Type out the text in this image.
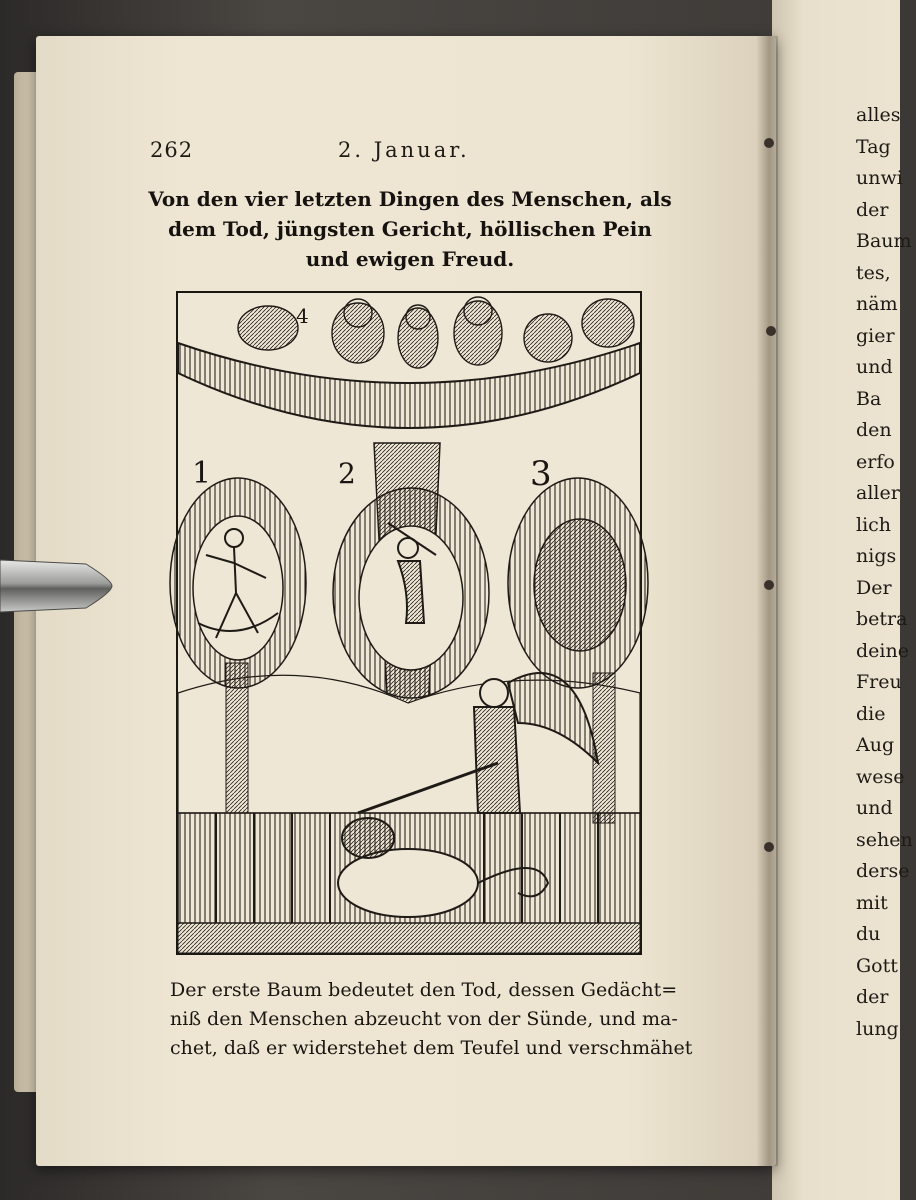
262	2. Januar.
Von den vier letzten Dingen des Menschen, als
dem Tod, jüngsten Gericht, höllischen Pein
und ewigen Freud.
4
1	2	3
Der erste Baum bedeutet den Tod, dessen Gedächt=
niß den Menschen abzeucht von der Sünde, und ma-
chet, daß er widerstehet dem Teufel und verschmähet
alles
Tag
unwi
der
Baum
tes,
näm
gier
und
Ba
den
erfo
aller
lich
nigs
Der
betra
deine
Freu
die
Aug
wese
und
sehen
derse
mit
du
Gott
der
lung
